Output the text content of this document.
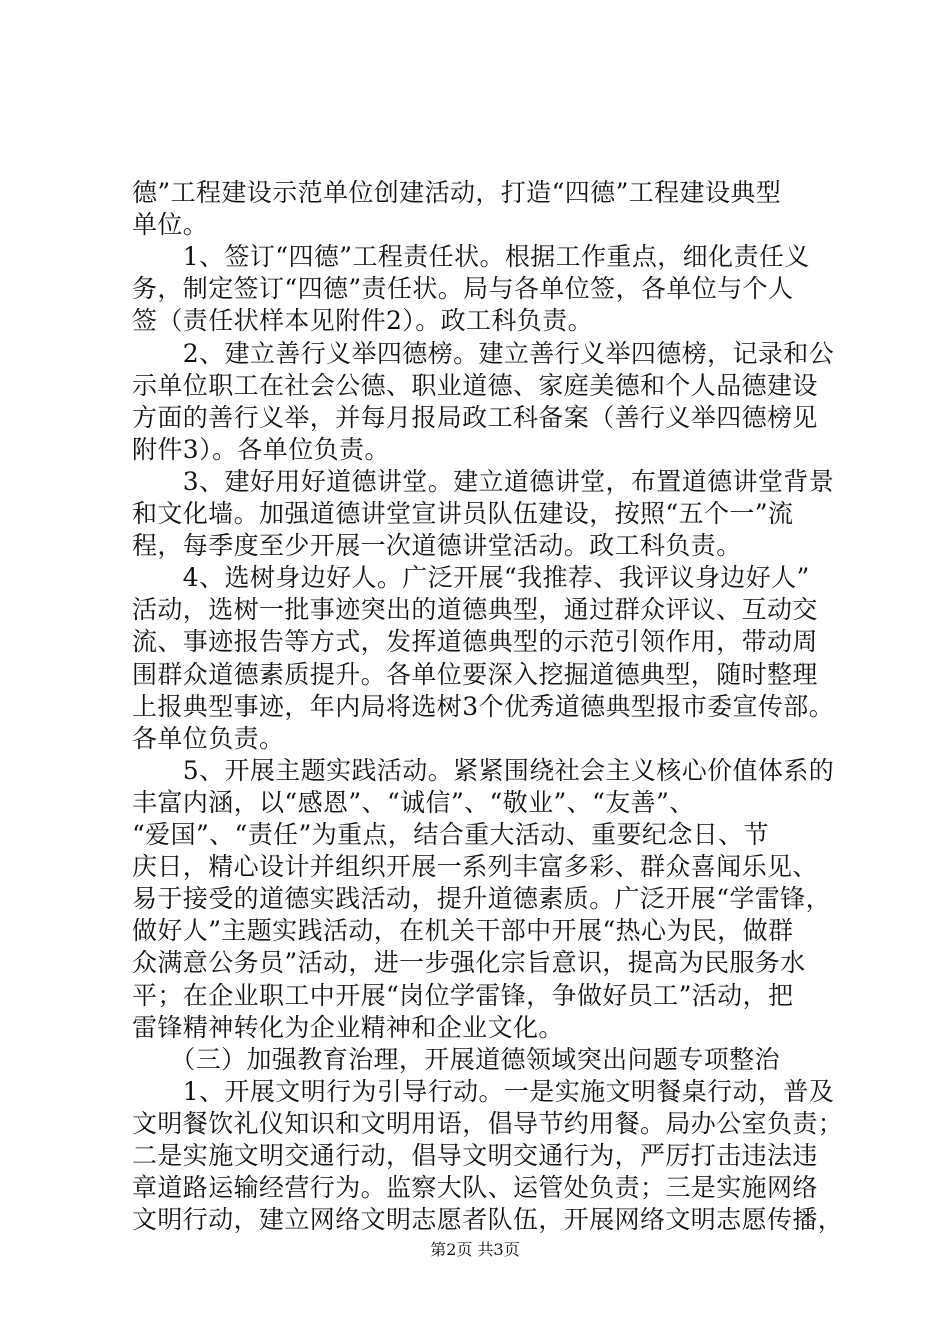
德”工程建设示范单位创建活动，打造“四德”工程建设典型
单位。
　　1、签订“四德”工程责任状。根据工作重点，细化责任义
务，制定签订“四德”责任状。局与各单位签，各单位与个人
签（责任状样本见附件2）。政工科负责。
　　2、建立善行义举四德榜。建立善行义举四德榜，记录和公
示单位职工在社会公德、职业道德、家庭美德和个人品德建设
方面的善行义举，并每月报局政工科备案（善行义举四德榜见
附件3）。各单位负责。
　　3、建好用好道德讲堂。建立道德讲堂，布置道德讲堂背景
和文化墙。加强道德讲堂宣讲员队伍建设，按照“五个一”流
程，每季度至少开展一次道德讲堂活动。政工科负责。
　　4、选树身边好人。广泛开展“我推荐、我评议身边好人”
活动，选树一批事迹突出的道德典型，通过群众评议、互动交
流、事迹报告等方式，发挥道德典型的示范引领作用，带动周
围群众道德素质提升。各单位要深入挖掘道德典型，随时整理
上报典型事迹，年内局将选树3个优秀道德典型报市委宣传部。
各单位负责。
　　5、开展主题实践活动。紧紧围绕社会主义核心价值体系的
丰富内涵，以“感恩”、“诚信”、“敬业”、“友善”、
“爱国”、“责任”为重点，结合重大活动、重要纪念日、节
庆日，精心设计并组织开展一系列丰富多彩、群众喜闻乐见、
易于接受的道德实践活动，提升道德素质。广泛开展“学雷锋，
做好人”主题实践活动，在机关干部中开展“热心为民，做群
众满意公务员”活动，进一步强化宗旨意识，提高为民服务水
平；在企业职工中开展“岗位学雷锋，争做好员工”活动，把
雷锋精神转化为企业精神和企业文化。
　　（三）加强教育治理，开展道德领域突出问题专项整治
　　1、开展文明行为引导行动。一是实施文明餐桌行动，普及
文明餐饮礼仪知识和文明用语，倡导节约用餐。局办公室负责；
二是实施文明交通行动，倡导文明交通行为，严厉打击违法违
章道路运输经营行为。监察大队、运管处负责；三是实施网络
文明行动，建立网络文明志愿者队伍，开展网络文明志愿传播，
第2页 共3页
